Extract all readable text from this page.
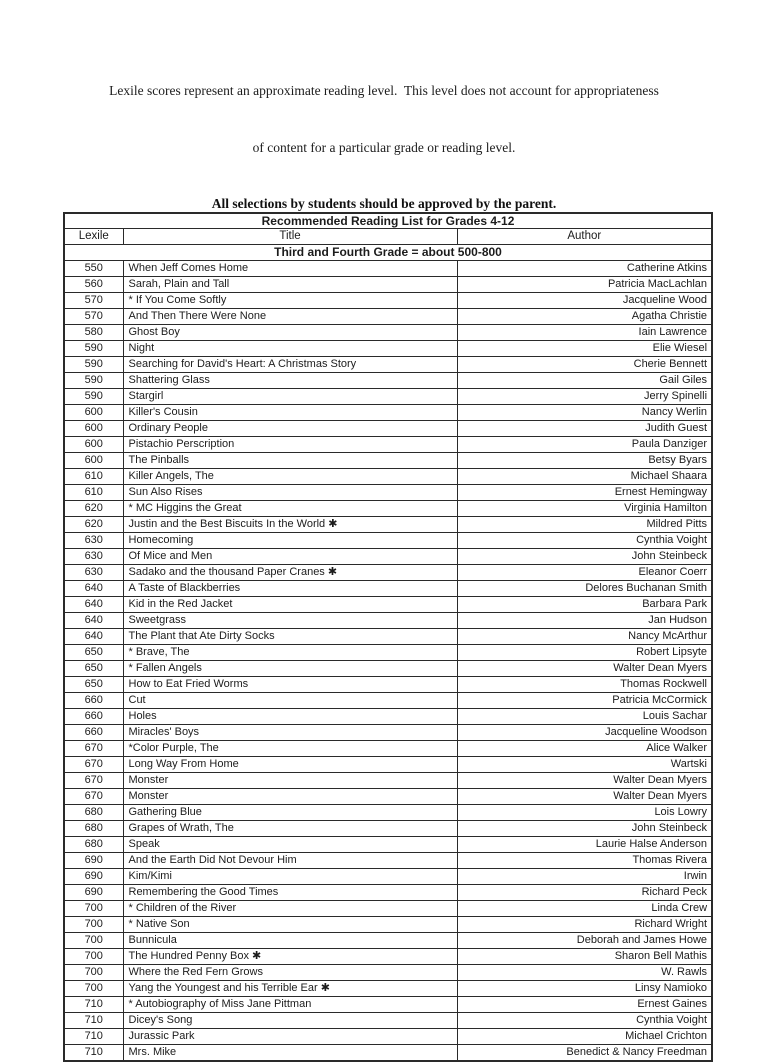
Lexile scores represent an approximate reading level.  This level does not account for appropriateness

of content for a particular grade or reading level.

All selections by students should be approved by the parent.
Recommended Reading List for Grades 4-12		
Lexile	Title	Author
Third and Fourth Grade = about 500-800		
550	When Jeff Comes Home	Catherine Atkins
560	Sarah, Plain and Tall	Patricia MacLachlan
570	* If You Come Softly	Jacqueline Wood
570	And Then There Were None	Agatha Christie
580	Ghost Boy	Iain Lawrence
590	Night	Elie Wiesel
590	Searching for David's Heart: A Christmas Story	Cherie Bennett
590	Shattering Glass	Gail Giles
590	Stargirl	Jerry Spinelli
600	Killer's Cousin	Nancy Werlin
600	Ordinary People	Judith Guest
600	Pistachio Perscription	Paula Danziger
600	The Pinballs	Betsy Byars
610	Killer Angels, The	Michael Shaara
610	Sun Also Rises	Ernest Hemingway
620	* MC Higgins the Great	Virginia Hamilton
620	Justin and the Best Biscuits In the World ✱	Mildred Pitts
630	Homecoming	Cynthia Voight
630	Of Mice and Men	John Steinbeck
630	Sadako and the thousand Paper Cranes ✱	Eleanor Coerr
640	A Taste of Blackberries	Delores Buchanan Smith
640	Kid in the Red Jacket	Barbara Park
640	Sweetgrass	Jan Hudson
640	The Plant that Ate Dirty Socks	Nancy McArthur
650	* Brave, The	Robert Lipsyte
650	* Fallen Angels	Walter Dean Myers
650	How to Eat Fried Worms	Thomas Rockwell
660	Cut	Patricia McCormick
660	Holes	Louis Sachar
660	Miracles' Boys	Jacqueline Woodson
670	*Color Purple, The	Alice Walker
670	Long Way From Home	Wartski
670	Monster	Walter Dean Myers
670	Monster	Walter Dean Myers
680	Gathering Blue	Lois Lowry
680	Grapes of Wrath, The	John Steinbeck
680	Speak	Laurie Halse Anderson
690	And the Earth Did Not Devour Him	Thomas Rivera
690	Kim/Kimi	Irwin
690	Remembering the Good Times	Richard Peck
700	* Children of the River	Linda Crew
700	* Native Son	Richard Wright
700	Bunnicula	Deborah and James Howe
700	The Hundred Penny Box ✱	Sharon Bell Mathis
700	Where the Red Fern Grows	W. Rawls
700	Yang the Youngest and his Terrible Ear ✱	Linsy Namioko
710	* Autobiography of Miss Jane Pittman	Ernest Gaines
710	Dicey's Song	Cynthia Voight
710	Jurassic Park	Michael Crichton
710	Mrs. Mike	Benedict & Nancy Freedman
